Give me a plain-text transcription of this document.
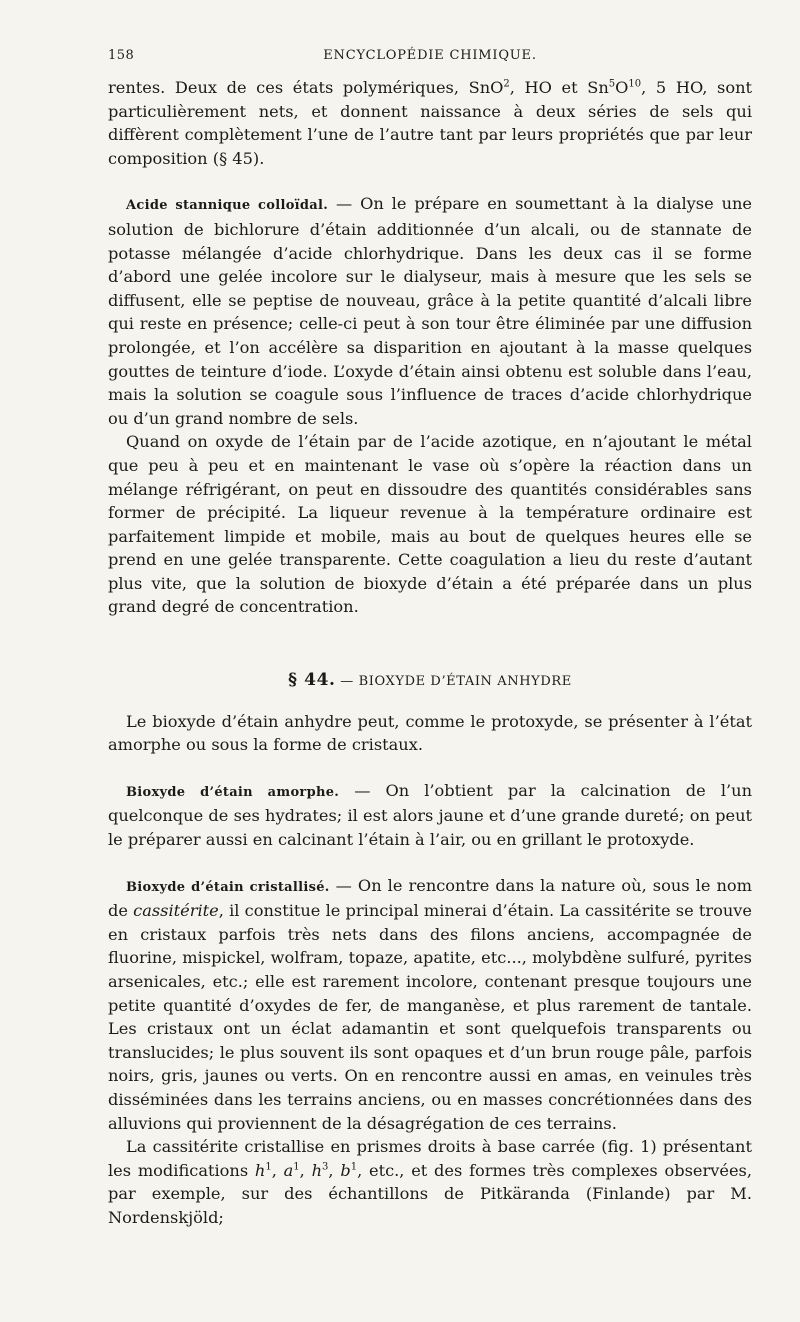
158	ENCYCLOPÉDIE CHIMIQUE.

rentes. Deux de ces états polymériques, SnO$^2$, HO et $Sn^5O^{10}$, 5 HO, sont particulièrement nets, et donnent naissance à deux séries de sels qui diffèrent complètement l’une de l’autre tant par leurs propriétés que par leur composition (§ 45).

Acide stannique colloïdal. — On le prépare en soumettant à la dialyse une solution de bichlorure d’étain additionnée d’un alcali, ou de stannate de potasse mélangée d’acide chlorhydrique. Dans les deux cas il se forme d’abord une gelée incolore sur le dialyseur, mais à mesure que les sels se diffusent, elle se peptise de nouveau, grâce à la petite quantité d’alcali libre qui reste en présence; celle-ci peut à son tour être éliminée par une diffusion prolongée, et l’on accélère sa disparition en ajoutant à la masse quelques gouttes de teinture d’iode. L’oxyde d’étain ainsi obtenu est soluble dans l’eau, mais la solution se coagule sous l’influence de traces d’acide chlorhydrique ou d’un grand nombre de sels.

Quand on oxyde de l’étain par de l’acide azotique, en n’ajoutant le métal que peu à peu et en maintenant le vase où s’opère la réaction dans un mélange réfrigérant, on peut en dissoudre des quantités considérables sans former de précipité. La liqueur revenue à la température ordinaire est parfaitement limpide et mobile, mais au bout de quelques heures elle se prend en une gelée transparente. Cette coagulation a lieu du reste d’autant plus vite, que la solution de bioxyde d’étain a été préparée dans un plus grand degré de concentration.

§ 44. — BIOXYDE D’ÉTAIN ANHYDRE

Le bioxyde d’étain anhydre peut, comme le protoxyde, se présenter à l’état amorphe ou sous la forme de cristaux.

Bioxyde d’étain amorphe. — On l’obtient par la calcination de l’un quelconque de ses hydrates; il est alors jaune et d’une grande dureté; on peut le préparer aussi en calcinant l’étain à l’air, ou en grillant le protoxyde.

Bioxyde d’étain cristallisé. — On le rencontre dans la nature où, sous le nom de cassitérite, il constitue le principal minerai d’étain. La cassitérite se trouve en cristaux parfois très nets dans des filons anciens, accompagnée de fluorine, mispickel, wolfram, topaze, apatite, etc..., molybdène sulfuré, pyrites arsenicales, etc.; elle est rarement incolore, contenant presque toujours une petite quantité d’oxydes de fer, de manganèse, et plus rarement de tantale. Les cristaux ont un éclat adamantin et sont quelquefois transparents ou translucides; le plus souvent ils sont opaques et d’un brun rouge pâle, parfois noirs, gris, jaunes ou verts. On en rencontre aussi en amas, en veinules très disséminées dans les terrains anciens, ou en masses concrétionnées dans des alluvions qui proviennent de la désagrégation de ces terrains.

La cassitérite cristallise en prismes droits à base carrée (fig. 1) présentant les modifications $h^1$, $a^1$, $h^3$, $b^1$, etc., et des formes très complexes observées, par exemple, sur des échantillons de Pitkäranda (Finlande) par M. Nordenskjöld;
